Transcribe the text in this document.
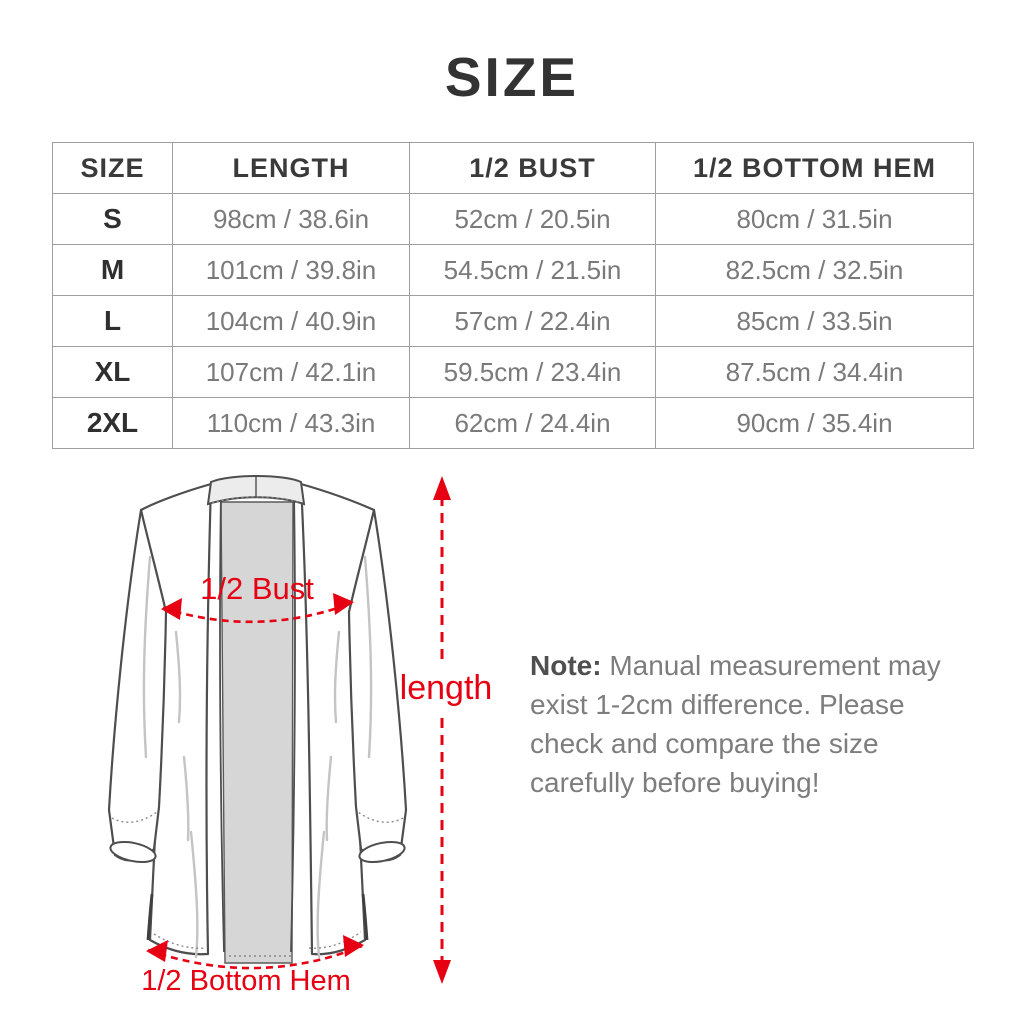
SIZE
SIZE	LENGTH	1/2 BUST	1/2 BOTTOM HEM
S	98cm / 38.6in	52cm / 20.5in	80cm / 31.5in
M	101cm / 39.8in	54.5cm / 21.5in	82.5cm / 32.5in
L	104cm / 40.9in	57cm / 22.4in	85cm / 33.5in
XL	107cm / 42.1in	59.5cm / 23.4in	87.5cm / 34.4in
2XL	110cm / 43.3in	62cm / 24.4in	90cm / 35.4in
1/2 Bust
length
1/2 Bottom Hem
Note: Manual measurement may
exist 1-2cm difference. Please
check and compare the size
carefully before buying!
